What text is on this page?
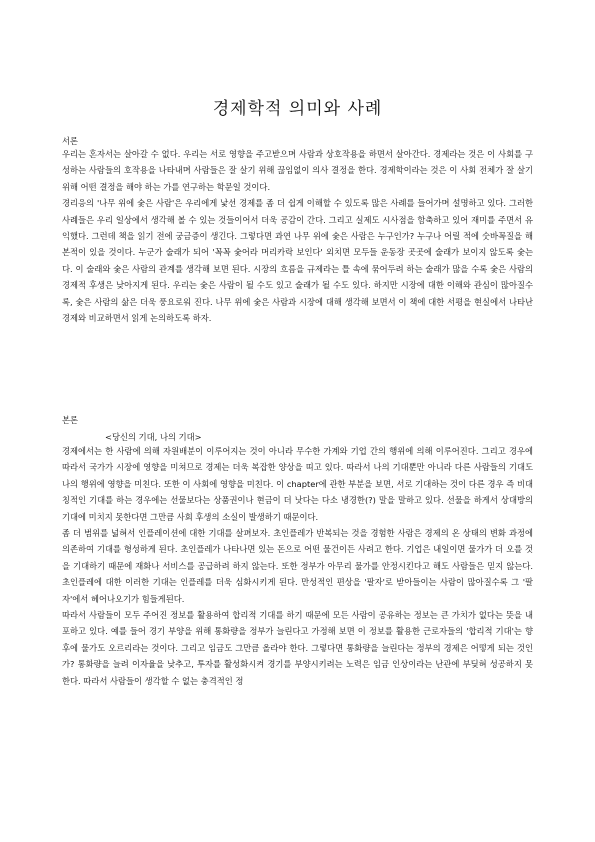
경제학적 의미와 사례
서론

우리는 혼자서는 살아갈 수 없다. 우리는 서로 영향을 주고받으며 사람과 상호작용을 하면서 살아간다. 경제라는 것은 이 사회를 구성하는 사람들의 호작용을 나타내며 사람들은 잘 살기 위해 끊임없이 의사 결정을 한다. 경제학이라는 것은 이 사회 전체가 잘 살기 위해 어떤 결정을 해야 하는 가를 연구하는 학문일 것이다.

경리응의 '나무 위에 숯은 사람'은 우리에게 낯선 경제를 좀 더 쉽게 이해할 수 있도록 많은 사례를 들어가며 설명하고 있다. 그러한 사례들은 우리 일상에서 생각해 볼 수 있는 것들이어서 더욱 공감이 간다. 그리고 실제도 시사점을 함축하고 있어 재미를 주면서 유익했다. 그런데 책을 읽기 전에 궁금증이 생긴다. 그렇다면 과연 나무 위에 숯은 사람은 누구인가? 누구나 어릴 적에 숫바꼭질을 해 본적이 있을 것이다. 누군가 술래가 되어 '꼭꼭 숯어라 머리카락 보인다' 외치면 모두들 운동장 곳곳에 술래가 보이지 않도록 숯는다. 이 술래와 숯은 사람의 관계를 생각해 보면 된다. 시장의 흐름을 규제라는 틀 속에 묶어두려 하는 술래가 많을 수록 숯은 사람의 경제적 후생은 낮아지게 된다. 우리는 숯은 사람이 될 수도 있고 술래가 될 수도 있다. 하지만 시장에 대한 이해와 관심이 많아질수록, 숯은 사람의 삶은 더욱 풍요로워 진다. 나무 위에 숯은 사람과 시장에 대해 생각해 보면서 이 책에 대한 서평을 현실에서 나타난 경제와 비교하면서 읽게 논의하도록 하자.

본론
<당신의 기대, 나의 기대>

경제에서는 한 사람에 의해 자원배분이 이루어지는 것이 아니라 무수한 가계와 기업 간의 행위에 의해 이루어진다. 그리고 경우에 따라서 국가가 시장에 영향을 미쳐므로 경제는 더욱 복잡한 양상을 띠고 있다. 따라서 나의 기대뿐만 아니라 다른 사람들의 기대도 나의 행위에 영향을 미친다. 또한 이 사회에 영향을 미친다. 이 chapter에 관한 부분을 보면, 서로 기대하는 것이 다른 경우 즉 비대칭적인 기대를 하는 경우에는 선물보다는 상품권이나 현금이 더 낫다는 다소 냉경한(?) 말을 말하고 있다. 선물을 하게서 상대방의 기대에 미치지 못한다면 그만큼 사회 후생의 소실이 발생하기 때문이다.

좀 더 범위를 넓혀서 인플레이션에 대한 기대를 살펴보자. 초인플레가 반복되는 것을 경험한 사람은 경제의 온 상태의 변화 과정에 의존하여 기대를 형성하게 된다. 초인플레가 나타나면 있는 돈으로 어떤 물건이든 사려고 한다. 기업은 내일이면 물가가 더 오를 것을 기대하기 때문에 재화나 서비스를 공급하려 하지 않는다. 또한 정부가 아무리 물가를 안정시킨다고 해도 사람들은 믿지 않는다. 초인플레에 대한 이러한 기대는 인플레를 더욱 심화시키게 된다. 만성적인 편상을 '팔자'로 받아들이는 사람이 많아질수록 그 '팔자'에서 헤어나오기가 힘들게된다.

따라서 사람들이 모두 주어진 정보를 활용하여 합리적 기대를 하기 때문에 모든 사람이 공유하는 정보는 큰 가치가 없다는 뜻을 내포하고 있다. 예를 들어 경기 부양을 위해 통화량을 정부가 늘린다고 가정해 보면 이 정보를 활용한 근로자들의 '합리적 기대'는 향후에 물가도 오르리라는 것이다. 그리고 임금도 그만큼 올라야 한다. 그렇다면 통화량을 늘린다는 정부의 경제은 어떻게 되는 것인가? 통화량을 늘려 이자율을 낮추고, 투자를 활성화시켜 경기를 부양시키려는 노력은 임금 인상이라는 난관에 부딪혀 성공하지 못한다. 따라서 사람들이 생각할 수 없는 충격적인 정
